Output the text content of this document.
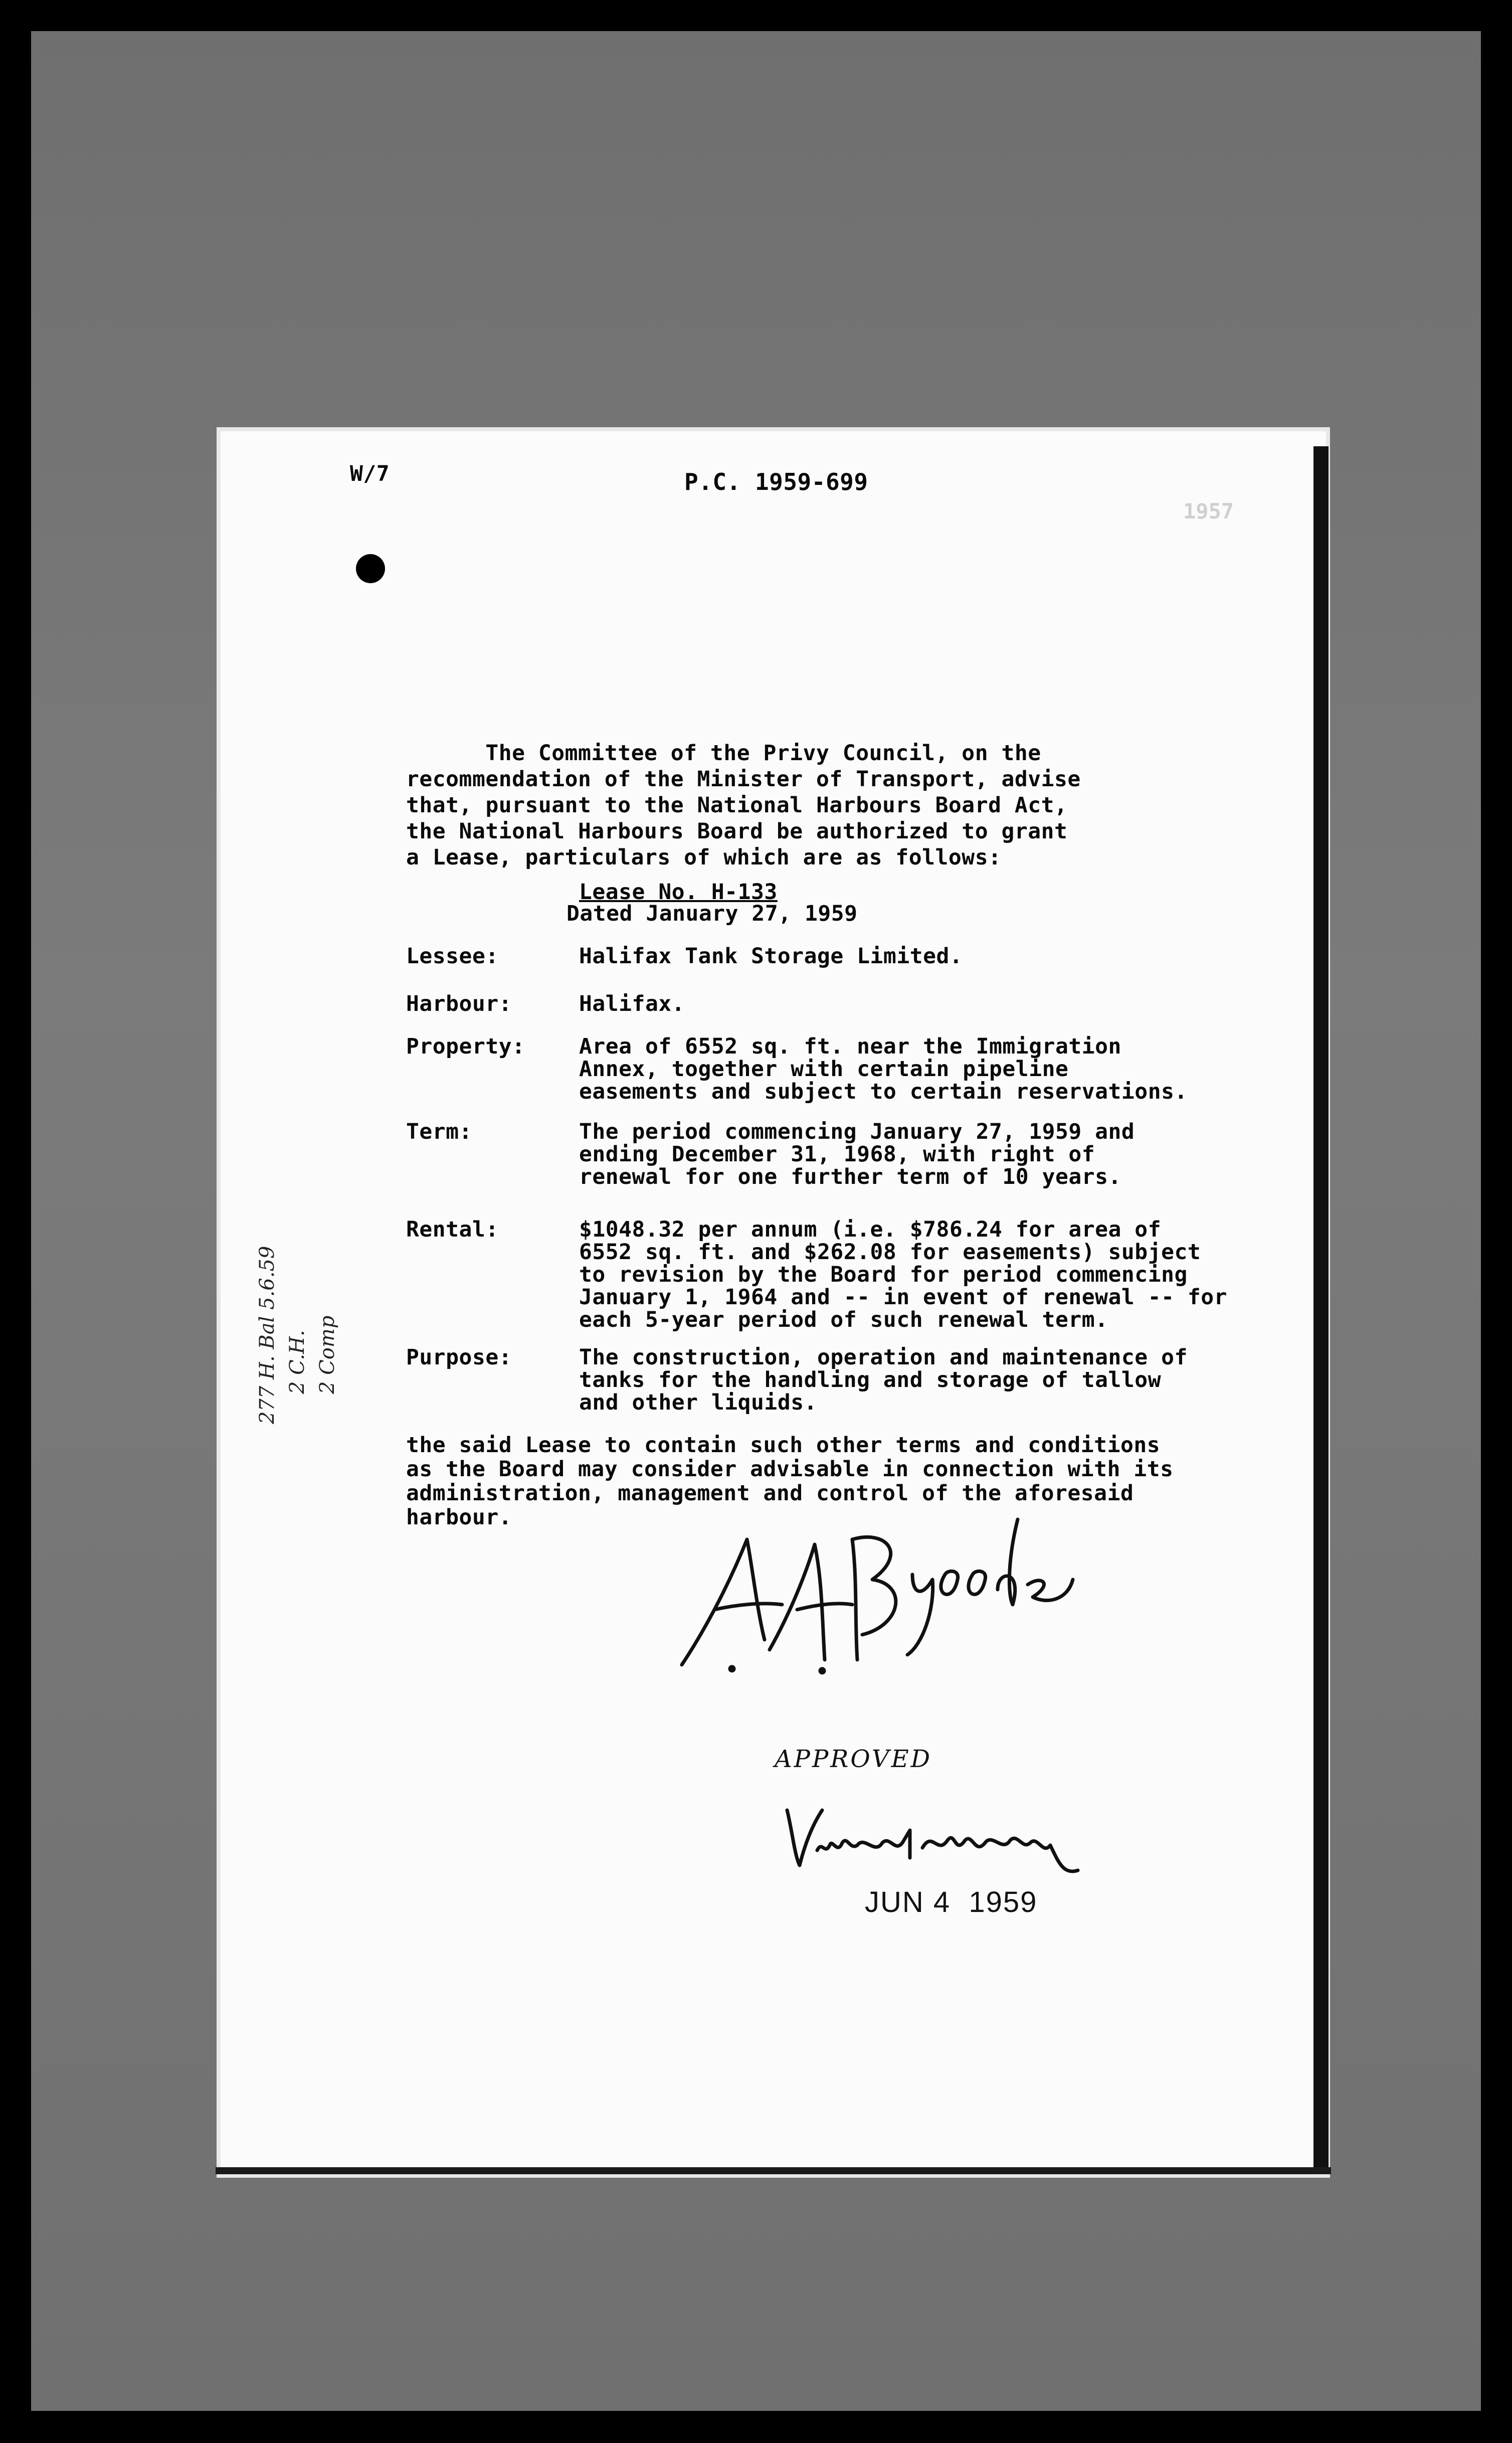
W/7	P.C. 1959-699
1957
The Committee of the Privy Council, on the
recommendation of the Minister of Transport, advise
that, pursuant to the National Harbours Board Act,
the National Harbours Board be authorized to grant
a Lease, particulars of which are as follows:
Lease No. H-133
Dated January 27, 1959
Lessee:	Halifax Tank Storage Limited.
Harbour:	Halifax.
Property:	Area of 6552 sq. ft. near the Immigration
Annex, together with certain pipeline
easements and subject to certain reservations.
Term:	The period commencing January 27, 1959 and
ending December 31, 1968, with right of
renewal for one further term of 10 years.
Rental:	$1048.32 per annum (i.e. $786.24 for area of
6552 sq. ft. and $262.08 for easements) subject
to revision by the Board for period commencing
January 1, 1964 and -- in event of renewal -- for
each 5-year period of such renewal term.
Purpose:	The construction, operation and maintenance of
tanks for the handling and storage of tallow
and other liquids.
the said Lease to contain such other terms and conditions
as the Board may consider advisable in connection with its
administration, management and control of the aforesaid
harbour.
APPROVED
JUN 4  1959
277 H. Bal 5.6.59 2 C.H. 2 Comp
